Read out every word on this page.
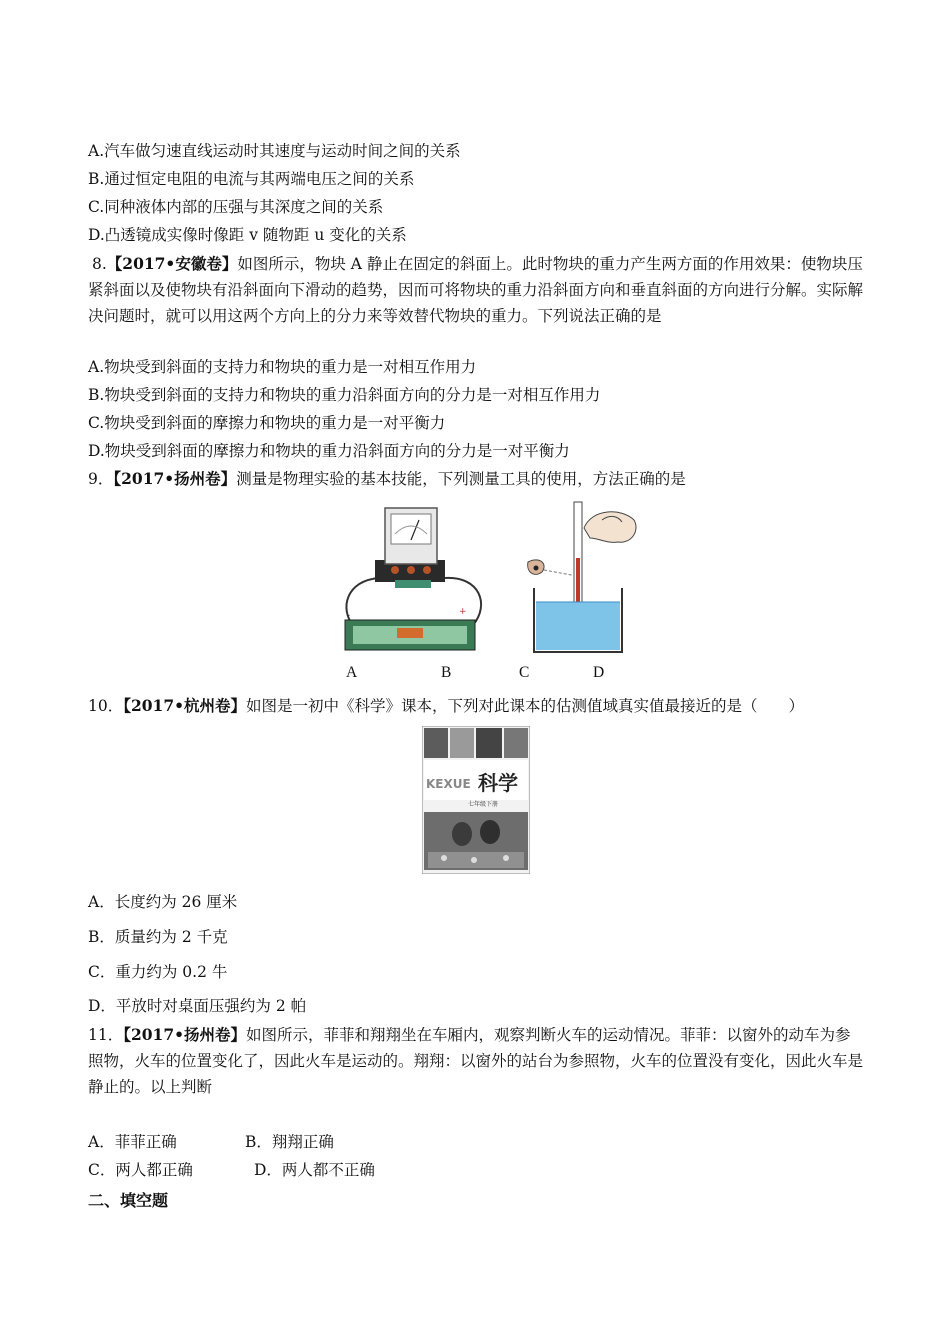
A.汽车做匀速直线运动时其速度与运动时间之间的关系
B.通过恒定电阻的电流与其两端电压之间的关系
C.同种液体内部的压强与其深度之间的关系
D.凸透镜成实像时像距 v 随物距 u 变化的关系
8.【2017•安徽卷】如图所示，物块 A 静止在固定的斜面上。此时物块的重力产生两方面的作用效果：使物块压紧斜面以及使物块有沿斜面向下滑动的趋势，因而可将物块的重力沿斜面方向和垂直斜面的方向进行分解。实际解决问题时，就可以用这两个方向上的分力来等效替代物块的重力。下列说法正确的是
A.物块受到斜面的支持力和物块的重力是一对相互作用力
B.物块受到斜面的支持力和物块的重力沿斜面方向的分力是一对相互作用力
C.物块受到斜面的摩擦力和物块的重力是一对平衡力
D.物块受到斜面的摩擦力和物块的重力沿斜面方向的分力是一对平衡力
9．【2017•扬州卷】测量是物理实验的基本技能，下列测量工具的使用，方法正确的是
-	+
A	B	C	D
10．【2017•杭州卷】如图是一初中《科学》课本，下列对此课本的估测值域真实值最接近的是（　　）
KEXUE 科学
七年级下册
A．长度约为 26 厘米
B．质量约为 2 千克
C．重力约为 0.2 牛
D．平放时对桌面压强约为 2 帕
11．【2017•扬州卷】如图所示，菲菲和翔翔坐在车厢内，观察判断火车的运动情况。菲菲：以窗外的动车为参照物，火车的位置变化了，因此火车是运动的。翔翔：以窗外的站台为参照物，火车的位置没有变化，因此火车是静止的。以上判断
A．菲菲正确	B．翔翔正确
C．两人都正确	D．两人都不正确
二、填空题
